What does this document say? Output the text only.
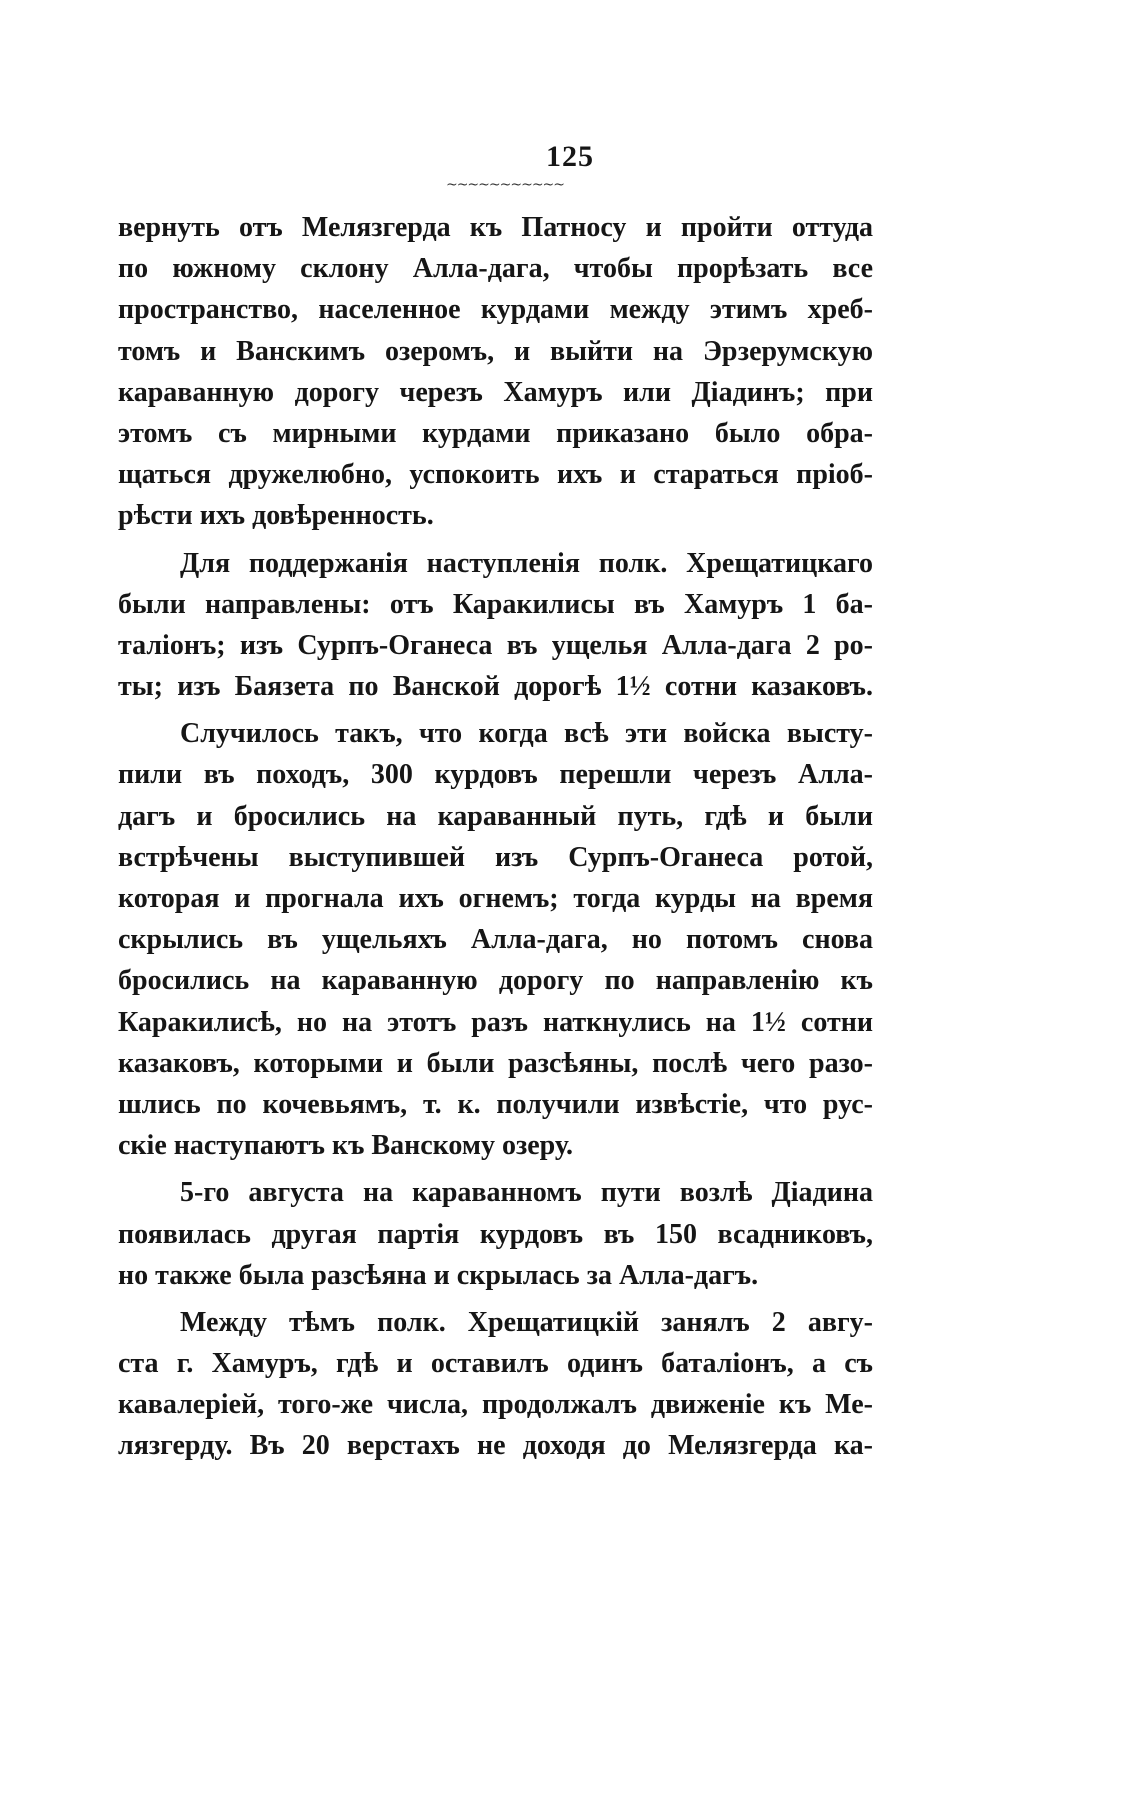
125
~~~~~~~~~~~
вернуть отъ Мелязгерда къ Патносу и пройти оттуда
по южному склону Алла-дага, чтобы прорѣзать все
пространство, населенное курдами между этимъ хреб-
томъ и Ванскимъ озеромъ, и выйти на Эрзерумскую
караванную дорогу черезъ Хамуръ или Діадинъ; при
этомъ съ мирными курдами приказано было обра-
щаться дружелюбно, успокоить ихъ и стараться пріоб-
рѣсти ихъ довѣренность.
Для поддержанія наступленія полк. Хрещатицкаго
были направлены: отъ Каракилисы въ Хамуръ 1 ба-
таліонъ; изъ Сурпъ-Оганеса въ ущелья Алла-дага 2 ро-
ты; изъ Баязета по Ванской дорогѣ 1½ сотни казаковъ.
Случилось такъ, что когда всѣ эти войска высту-
пили въ походъ, 300 курдовъ перешли черезъ Алла-
дагъ и бросились на караванный путь, гдѣ и были
встрѣчены выступившей изъ Сурпъ-Оганеса ротой,
которая и прогнала ихъ огнемъ; тогда курды на время
скрылись въ ущельяхъ Алла-дага, но потомъ снова
бросились на караванную дорогу по направленію къ
Каракилисѣ, но на этотъ разъ наткнулись на 1½ сотни
казаковъ, которыми и были разсѣяны, послѣ чего разо-
шлись по кочевьямъ, т. к. получили извѣстіе, что рус-
скіе наступаютъ къ Ванскому озеру.
5-го августа на караванномъ пути возлѣ Діадина
появилась другая партія курдовъ въ 150 всадниковъ,
но также была разсѣяна и скрылась за Алла-дагъ.
Между тѣмъ полк. Хрещатицкій занялъ 2 авгу-
ста г. Хамуръ, гдѣ и оставилъ одинъ баталіонъ, а съ
кавалеріей, того-же числа, продолжалъ движеніе къ Ме-
лязгерду. Въ 20 верстахъ не доходя до Мелязгерда ка-
